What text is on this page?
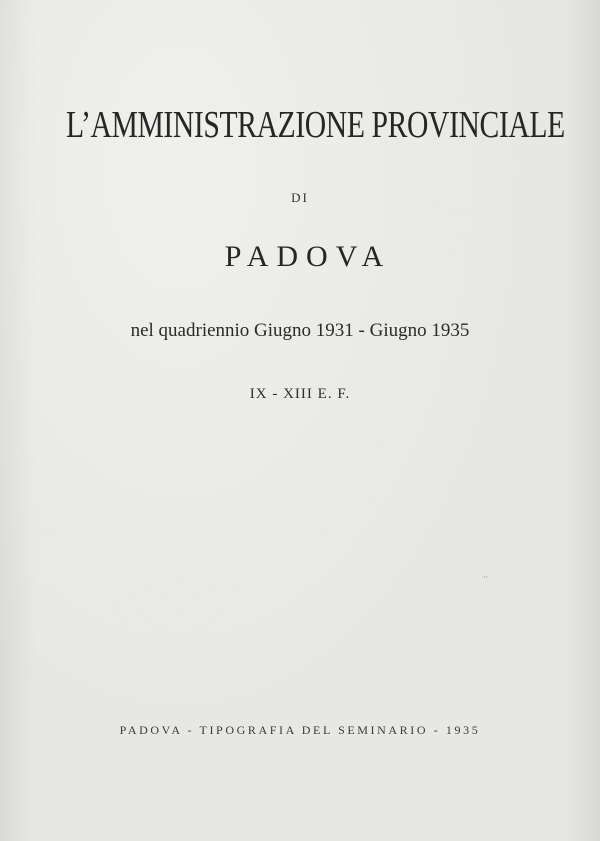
L’AMMINISTRAZIONE PROVINCIALE
DI
PADOVA
nel quadriennio Giugno 1931 - Giugno 1935
IX - XIII E. F.
··
PADOVA - TIPOGRAFIA DEL SEMINARIO - 1935
